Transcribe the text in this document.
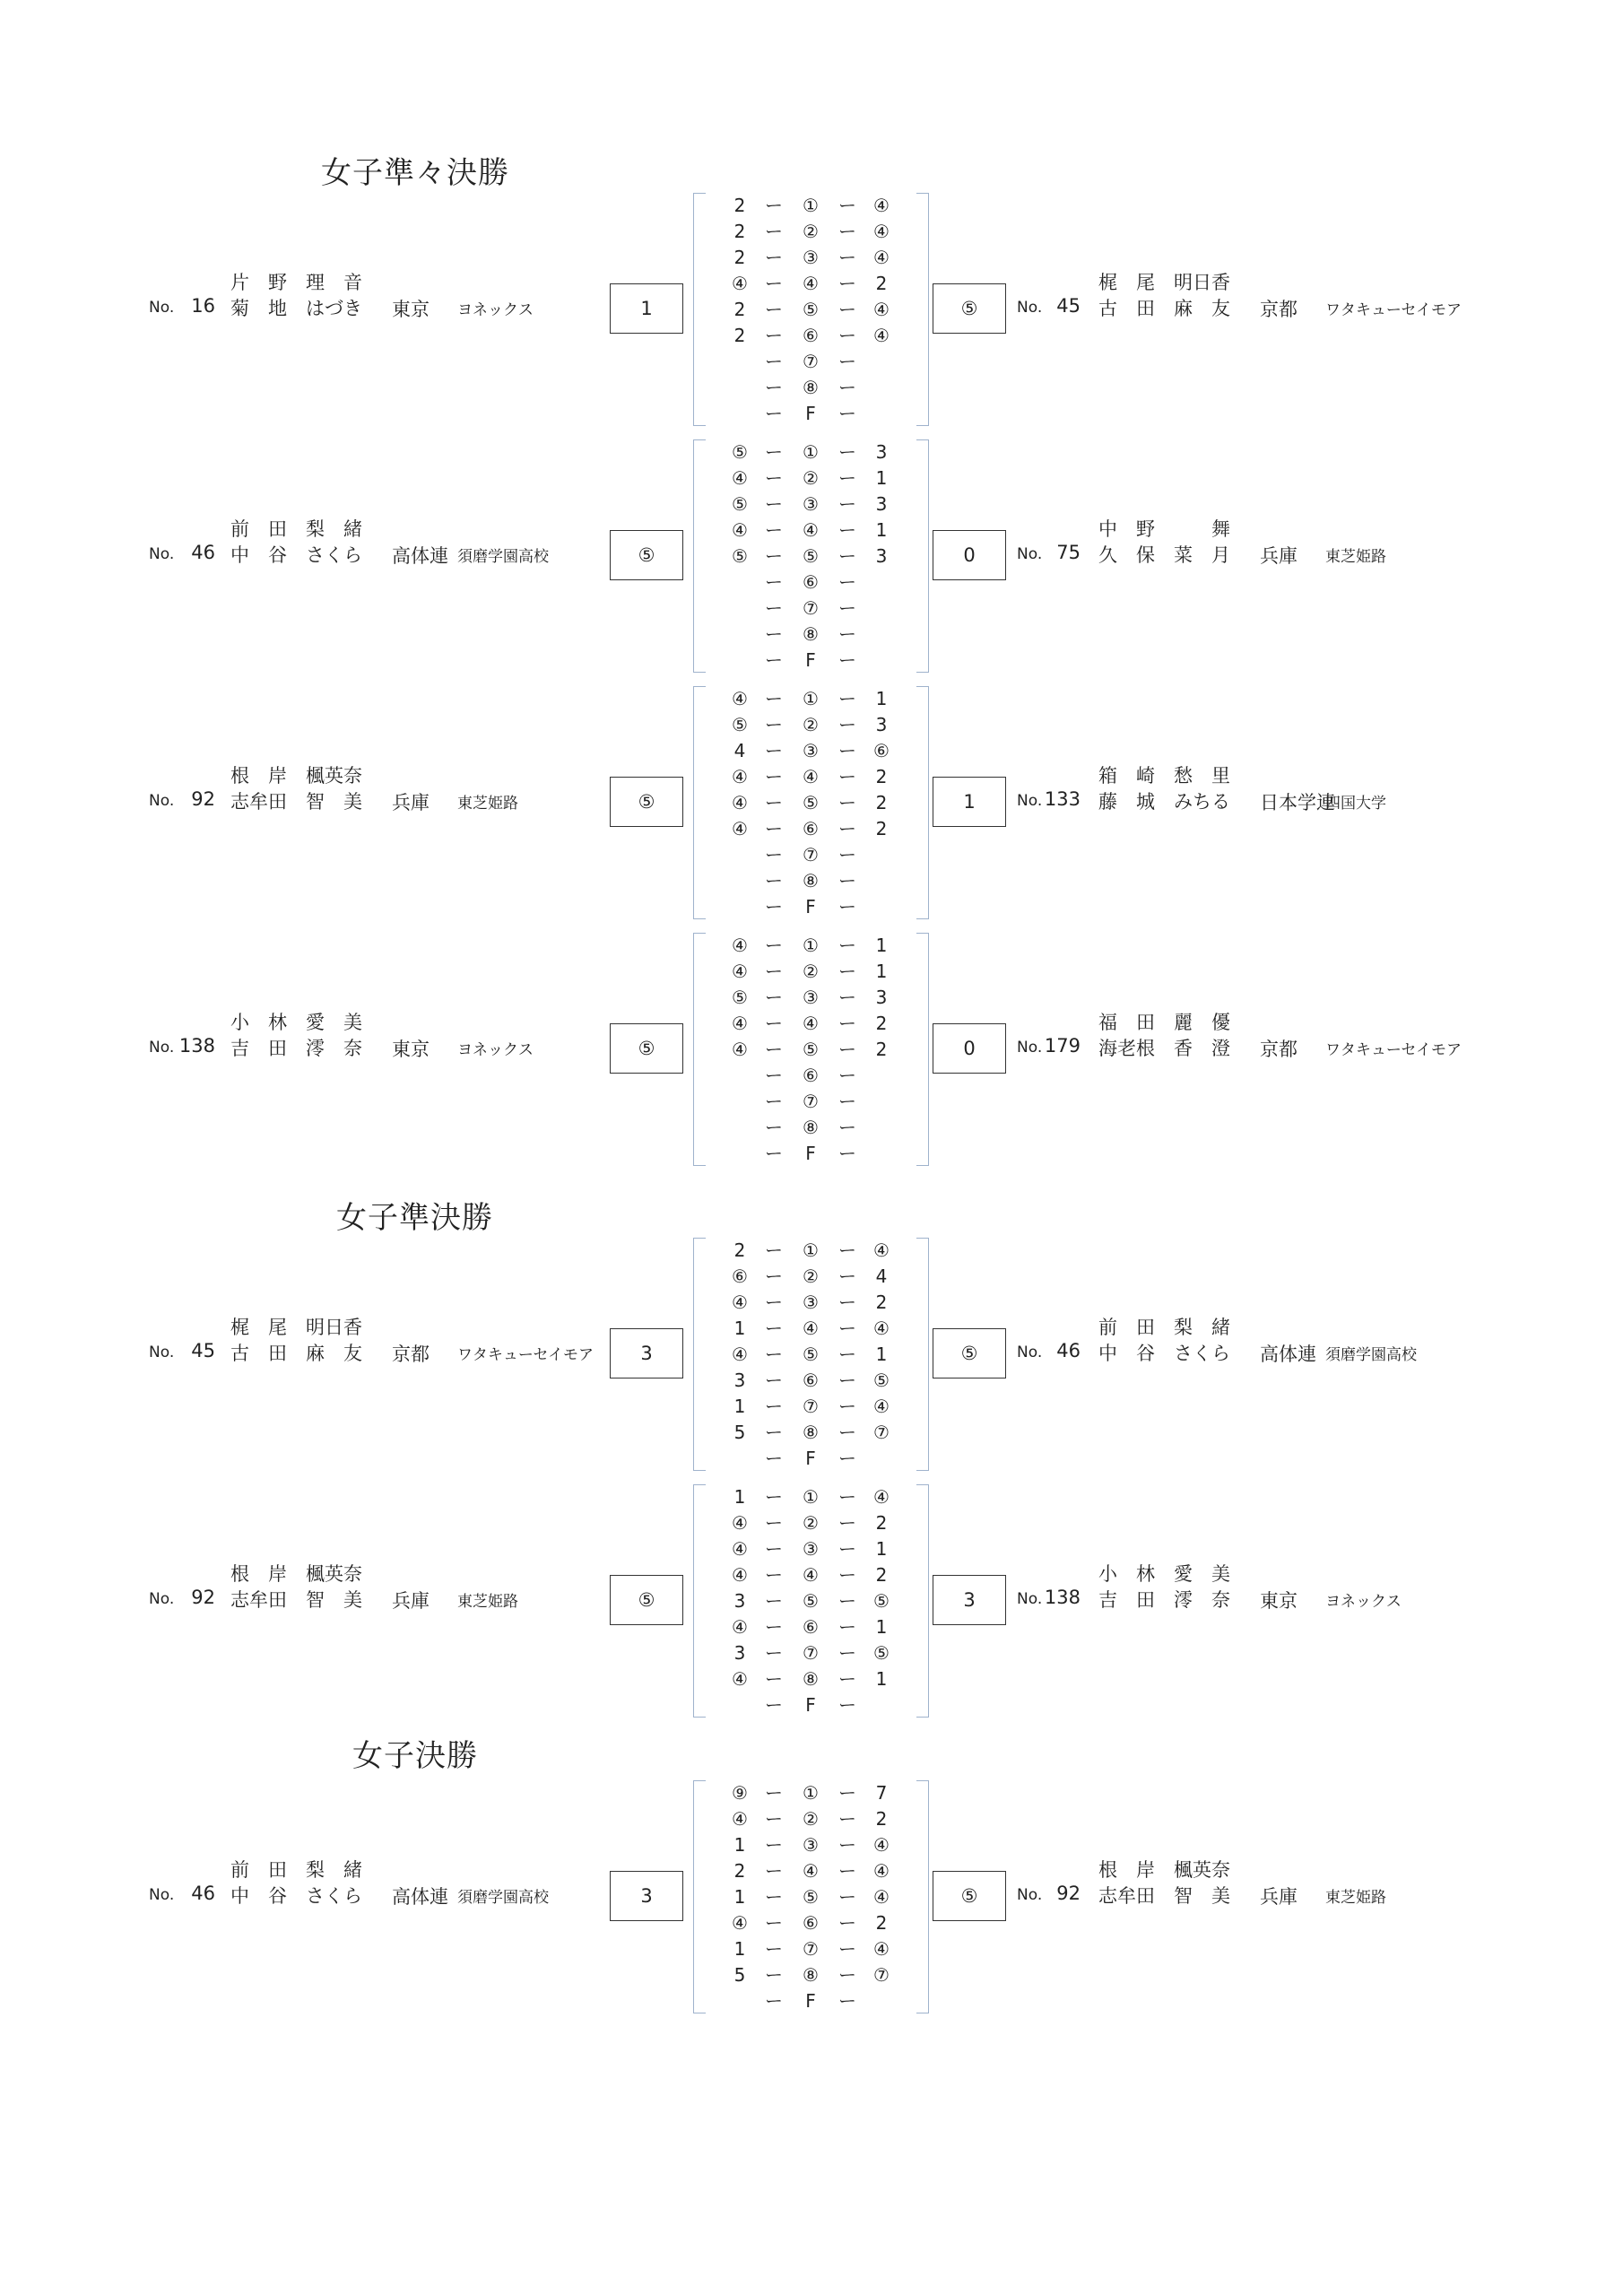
女子準々決勝
女子準決勝
女子決勝
No. 16
片　野　理　音
菊　地　はづき 東京 ヨネックス	1
2	ー	①	ー ④
2	ー	②	ー ④
2	ー	③	ー ④
④ ー	④	ー	2
2	ー	⑤	ー ④
2	ー	⑥	ー ④
ー	⑦	ー
ー	⑧	ー
ー	F	ー
⑤	No. 45
梶　尾　明日香
古　田　麻　友 京都 ワタキューセイモア
No. 46
前　田　梨　緒
中　谷　さくら 高体連 須磨学園高校	⑤
⑤ ー	①	ー	3
④ ー	②	ー	1
⑤ ー	③	ー	3
④ ー	④	ー	1
⑤ ー	⑤	ー	3
ー	⑥	ー
ー	⑦	ー
ー	⑧	ー
ー	F	ー
0	No. 75
中　野　　　舞
久　保　菜　月 兵庫 東芝姫路
No. 92
根　岸　楓英奈
志牟田　智　美 兵庫 東芝姫路	⑤
④ ー	①	ー	1
⑤ ー	②	ー	3
4	ー	③	ー ⑥
④ ー	④	ー	2
④ ー	⑤	ー	2
④ ー	⑥	ー	2
ー	⑦	ー
ー	⑧	ー
ー	F	ー
1	No. 133
箱　崎　愁　里
藤　城　みちる 日本学連
四国大学
No. 138
小　林　愛　美
吉　田　澪　奈 東京 ヨネックス	⑤
④ ー	①	ー	1
④ ー	②	ー	1
⑤ ー	③	ー	3
④ ー	④	ー	2
④ ー	⑤	ー	2
ー	⑥	ー
ー	⑦	ー
ー	⑧	ー
ー	F	ー
0	No. 179
福　田　麗　優
海老根　香　澄 京都 ワタキューセイモア
No. 45
梶　尾　明日香
古　田　麻　友 京都 ワタキューセイモア	3
2	ー	①	ー ④
⑥ ー	②	ー	4
④ ー	③	ー	2
1	ー	④	ー ④
④ ー	⑤	ー	1
3	ー	⑥	ー ⑤
1	ー	⑦	ー ④
5	ー	⑧	ー ⑦
ー	F	ー
⑤	No. 46
前　田　梨　緒
中　谷　さくら 高体連 須磨学園高校
No. 92
根　岸　楓英奈
志牟田　智　美 兵庫 東芝姫路	⑤
1	ー	①	ー ④
④ ー	②	ー	2
④ ー	③	ー	1
④ ー	④	ー	2
3	ー	⑤	ー ⑤
④ ー	⑥	ー	1
3	ー	⑦	ー ⑤
④ ー	⑧	ー	1
ー	F	ー
3	No. 138
小　林　愛　美
吉　田　澪　奈 東京 ヨネックス
No. 46
前　田　梨　緒
中　谷　さくら 高体連 須磨学園高校	3
⑨ ー	①	ー	7
④ ー	②	ー	2
1	ー	③	ー ④
2	ー	④	ー ④
1	ー	⑤	ー ④
④ ー	⑥	ー	2
1	ー	⑦	ー ④
5	ー	⑧	ー ⑦
ー	F	ー
⑤	No. 92
根　岸　楓英奈
志牟田　智　美 兵庫 東芝姫路
